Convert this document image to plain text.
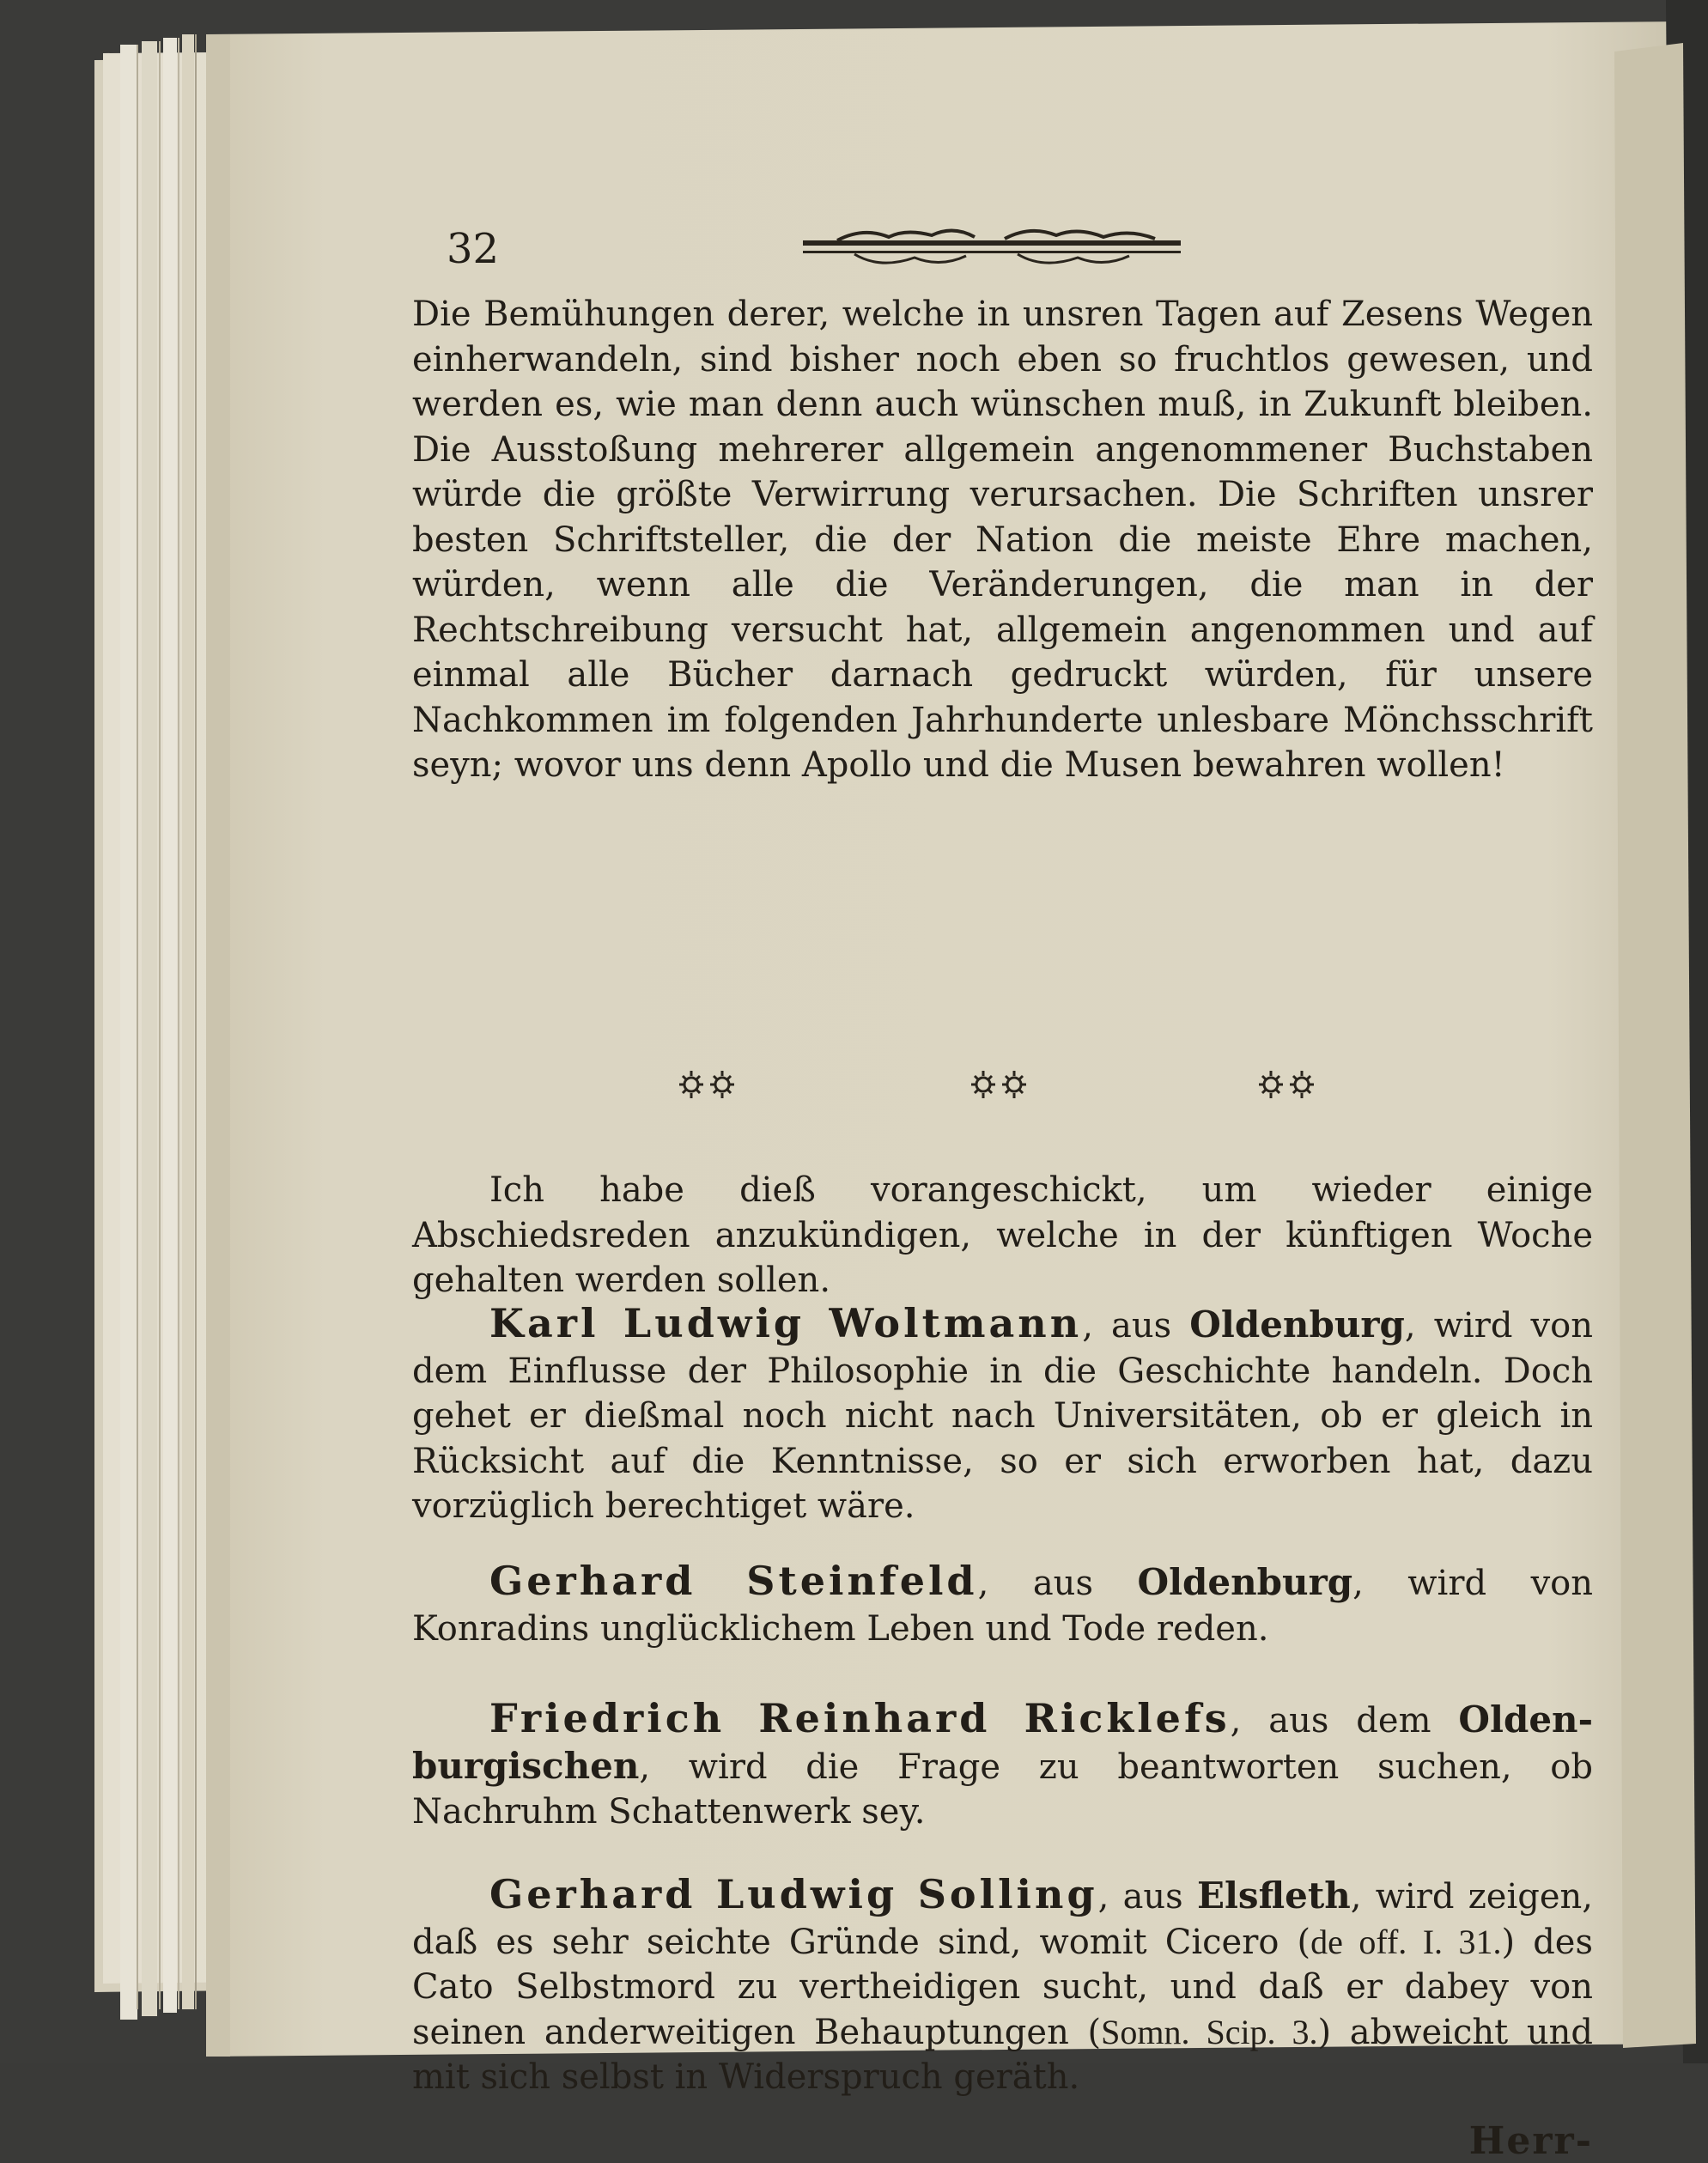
32

Die Bemühungen derer, welche in unsren Tagen auf Zesens Wegen einherwandeln, sind bisher noch eben so fruchtlos gewesen, und werden es, wie man denn auch wünschen muß, in Zukunft bleiben. Die Ausstoßung mehrerer allgemein angenommener Buchstaben würde die größte Verwirrung verursachen. Die Schriften unsrer besten Schriftsteller, die der Nation die meiste Ehre machen, würden, wenn alle die Veränderungen, die man in der Rechtschreibung versucht hat, allgemein angenommen und auf einmal alle Bücher darnach gedruckt würden, für unsere Nachkommen im folgenden Jahrhunderte unlesbare Mönchsschrift seyn; wovor uns denn Apollo und die Musen bewahren wollen!

Ich habe dieß vorangeschickt, um wieder einige Abschiedsreden anzukündigen, welche in der künftigen Woche gehalten werden sollen.

Karl Ludwig Woltmann, aus Oldenburg, wird von dem Einflusse der Philosophie in die Geschichte handeln. Doch gehet er dießmal noch nicht nach Universitäten, ob er gleich in Rücksicht auf die Kenntnisse, so er sich erworben hat, dazu vorzüglich berechtiget wäre.

Gerhard Steinfeld, aus Oldenburg, wird von Konradins unglücklichem Leben und Tode reden.

Friedrich Reinhard Ricklefs, aus dem Oldenburgischen, wird die Frage zu beantworten suchen, ob Nachruhm Schattenwerk sey.

Gerhard Ludwig Solling, aus Elsfleth, wird zeigen, daß es sehr seichte Gründe sind, womit Cicero (de off. I. 31.) des Cato Selbstmord zu vertheidigen sucht, und daß er dabey von seinen anderweitigen Behauptungen (Somn. Scip. 3.) abweicht und mit sich selbst in Widerspruch geräth.

Herr-
